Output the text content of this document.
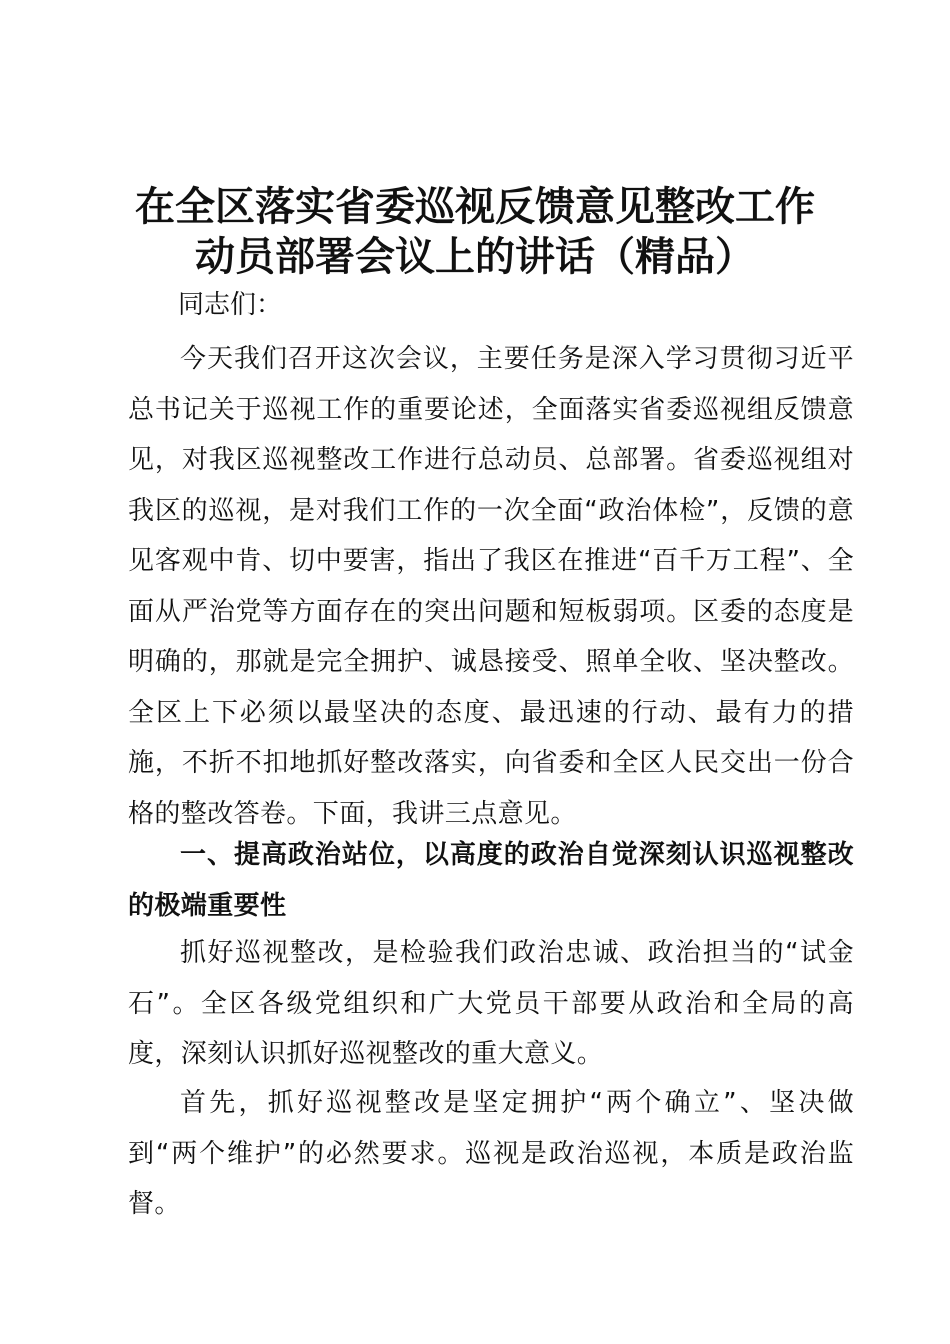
在全区落实省委巡视反馈意见整改工作
动员部署会议上的讲话（精品）

同志们：

今天我们召开这次会议，主要任务是深入学习贯彻习近平总书记关于巡视工作的重要论述，全面落实省委巡视组反馈意见，对我区巡视整改工作进行总动员、总部署。省委巡视组对我区的巡视，是对我们工作的一次全面“政治体检”，反馈的意见客观中肯、切中要害，指出了我区在推进“百千万工程”、全面从严治党等方面存在的突出问题和短板弱项。区委的态度是明确的，那就是完全拥护、诚恳接受、照单全收、坚决整改。全区上下必须以最坚决的态度、最迅速的行动、最有力的措施，不折不扣地抓好整改落实，向省委和全区人民交出一份合格的整改答卷。下面，我讲三点意见。

一、提高政治站位，以高度的政治自觉深刻认识巡视整改的极端重要性

抓好巡视整改，是检验我们政治忠诚、政治担当的“试金石”。全区各级党组织和广大党员干部要从政治和全局的高度，深刻认识抓好巡视整改的重大意义。

首先，抓好巡视整改是坚定拥护“两个确立”、坚决做到“两个维护”的必然要求。巡视是政治巡视，本质是政治监督。
